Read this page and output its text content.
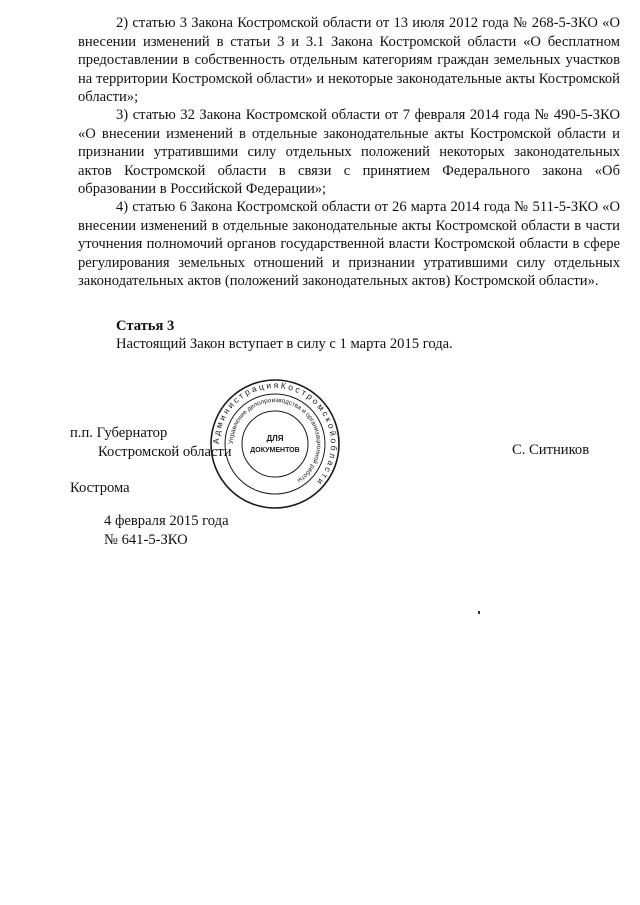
2) статью 3 Закона Костромской области от 13 июля 2012 года № 268-5-ЗКО «О внесении изменений в статьи 3 и 3.1 Закона Костромской области «О бесплатном предоставлении в собственность отдельным категориям граждан земельных участков на территории Костромской области» и некоторые законодательные акты Костромской области»;

3) статью 32 Закона Костромской области от 7 февраля 2014 года № 490-5-ЗКО «О внесении изменений в отдельные законодательные акты Костромской области и признании утратившими силу отдельных положений некоторых законодательных актов Костромской области в связи с принятием Федерального закона «Об образовании в Российской Федерации»;

4) статью 6 Закона Костромской области от 26 марта 2014 года № 511-5-ЗКО «О внесении изменений в отдельные законодательные акты Костромской области в части уточнения полномочий органов государственной власти Костромской области в сфере регулирования земельных отношений и признании утратившими силу отдельных законодательных актов (положений законодательных актов) Костромской области».

Статья 3

Настоящий Закон вступает в силу с 1 марта 2015 года.

п.п. Губернатор
Костромской области	С. Ситников
Кострома
4 февраля 2015 года
№ 641-5-ЗКО
А д м и н и с т р а ц и я К о с т р о м с к о й о б л а с т и
Управление делопроизводства и организационной работы
ДЛЯ
ДОКУМЕНТОВ
